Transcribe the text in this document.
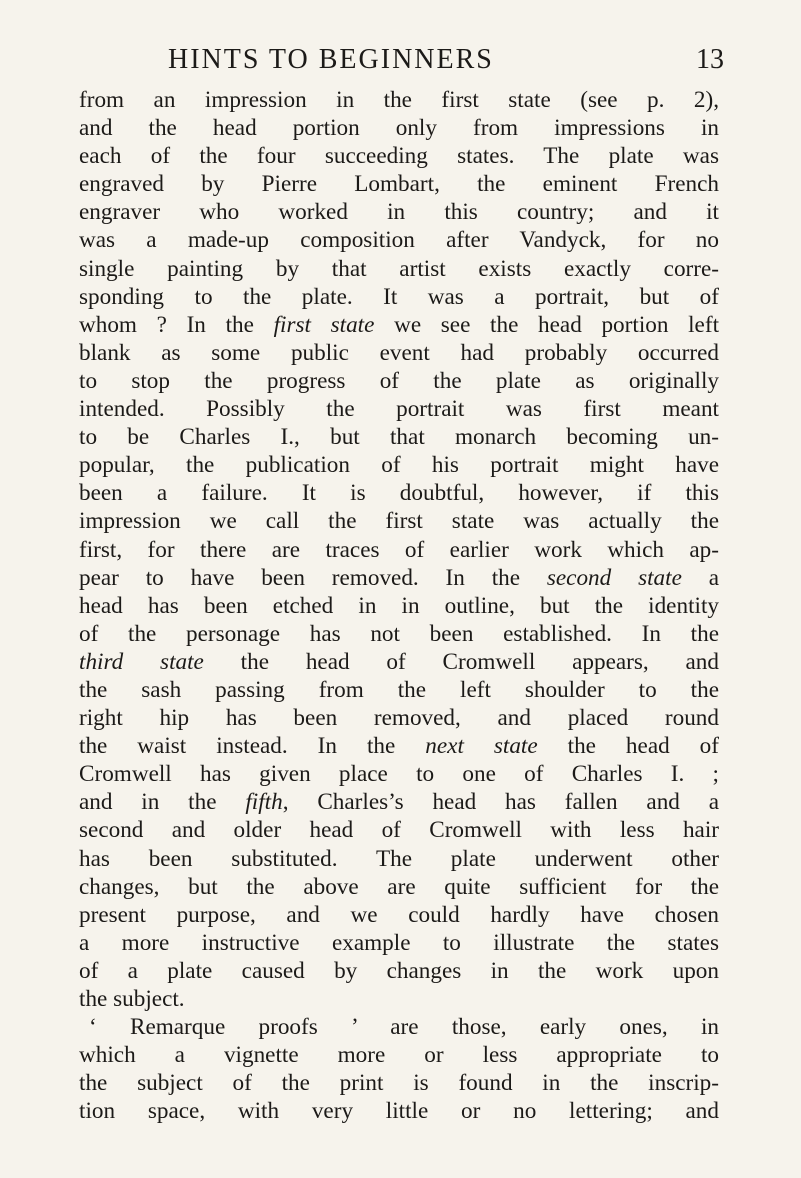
HINTS TO BEGINNERS	13
from an impression in the first state (see p. 2),
and the head portion only from impressions in
each of the four succeeding states. The plate was
engraved by Pierre Lombart, the eminent French
engraver who worked in this country; and it
was a made-up composition after Vandyck, for no
single painting by that artist exists exactly corre-
sponding to the plate. It was a portrait, but of
whom ? In the first state we see the head portion left
blank as some public event had probably occurred
to stop the progress of the plate as originally
intended. Possibly the portrait was first meant
to be Charles I., but that monarch becoming un-
popular, the publication of his portrait might have
been a failure. It is doubtful, however, if this
impression we call the first state was actually the
first, for there are traces of earlier work which ap-
pear to have been removed. In the second state a
head has been etched in in outline, but the identity
of the personage has not been established. In the
third state the head of Cromwell appears, and
the sash passing from the left shoulder to the
right hip has been removed, and placed round
the waist instead. In the next state the head of
Cromwell has given place to one of Charles I. ;
and in the fifth, Charles’s head has fallen and a
second and older head of Cromwell with less hair
has been substituted. The plate underwent other
changes, but the above are quite sufficient for the
present purpose, and we could hardly have chosen
a more instructive example to illustrate the states
of a plate caused by changes in the work upon
the subject.
‘ Remarque proofs ’ are those, early ones, in
which a vignette more or less appropriate to
the subject of the print is found in the inscrip-
tion space, with very little or no lettering; and
